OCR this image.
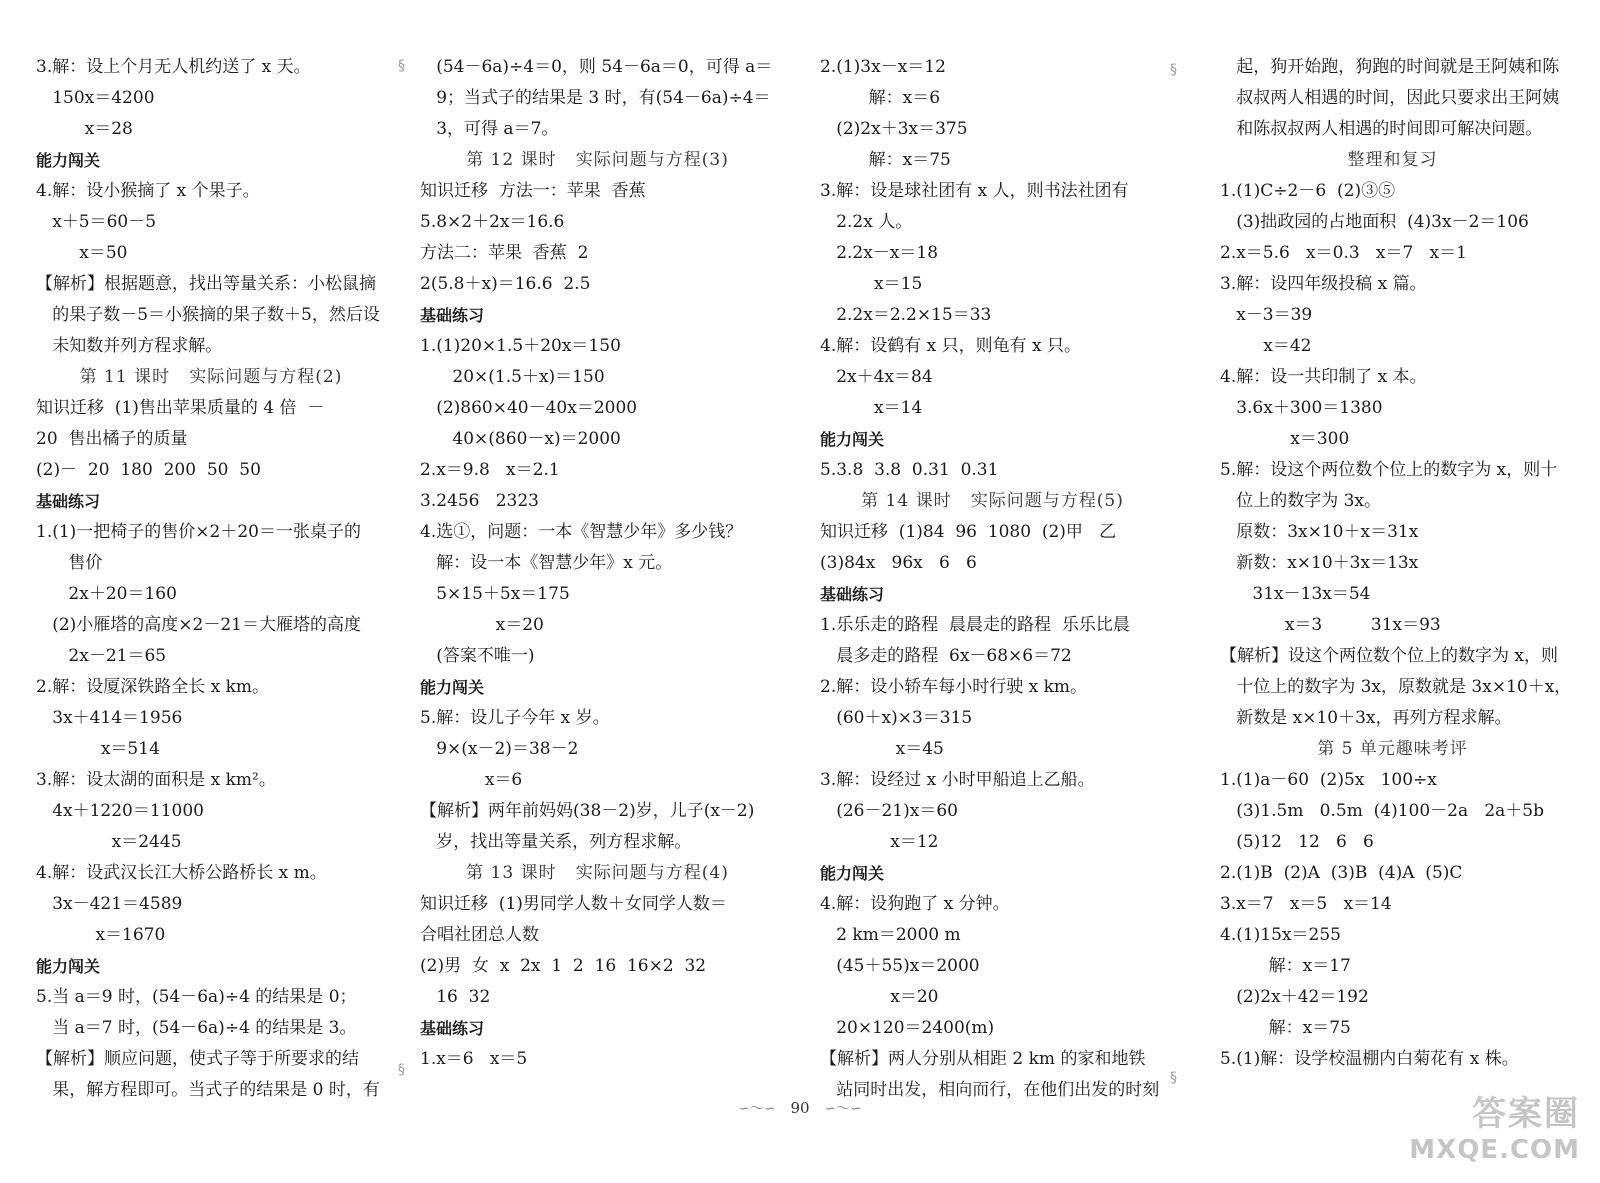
3.解：设上个月无人机约送了 x 天。
150x＝4200
x＝28
能力闯关
4.解：设小猴摘了 x 个果子。
x＋5＝60－5
x＝50
【解析】根据题意，找出等量关系：小松鼠摘
的果子数－5＝小猴摘的果子数＋5，然后设
未知数并列方程求解。
第 11 课时   实际问题与方程(2)
知识迁移  (1)售出苹果质量的 4 倍  －
20  售出橘子的质量
(2)－  20  180  200  50  50
基础练习
1.(1)一把椅子的售价×2＋20＝一张桌子的
售价
2x＋20＝160
(2)小雁塔的高度×2－21＝大雁塔的高度
2x－21＝65
2.解：设厦深铁路全长 x km。
3x＋414＝1956
x＝514
3.解：设太湖的面积是 x km²。
4x＋1220＝11000
x＝2445
4.解：设武汉长江大桥公路桥长 x m。
3x－421＝4589
x＝1670
能力闯关
5.当 a＝9 时，(54－6a)÷4 的结果是 0；
当 a＝7 时，(54－6a)÷4 的结果是 3。
【解析】顺应问题，使式子等于所要求的结
果，解方程即可。当式子的结果是 0 时，有
(54－6a)÷4＝0，则 54－6a＝0，可得 a＝
9；当式子的结果是 3 时，有(54－6a)÷4＝
3，可得 a＝7。
第 12 课时   实际问题与方程(3)
知识迁移  方法一：苹果  香蕉
5.8×2＋2x＝16.6
方法二：苹果  香蕉  2
2(5.8＋x)＝16.6  2.5
基础练习
1.(1)20×1.5＋20x＝150
20×(1.5＋x)＝150
(2)860×40－40x＝2000
40×(860－x)＝2000
2.x＝9.8   x＝2.1
3.2456   2323
4.选①，问题：一本《智慧少年》多少钱？
解：设一本《智慧少年》x 元。
5×15＋5x＝175
x＝20
(答案不唯一)
能力闯关
5.解：设儿子今年 x 岁。
9×(x－2)＝38－2
x＝6
【解析】两年前妈妈(38－2)岁，儿子(x－2)
岁，找出等量关系，列方程求解。
第 13 课时   实际问题与方程(4)
知识迁移  (1)男同学人数＋女同学人数＝
合唱社团总人数
(2)男  女  x  2x  1  2  16  16×2  32
16  32
基础练习
1.x＝6   x＝5
2.(1)3x－x＝12
解：x＝6
(2)2x＋3x＝375
解：x＝75
3.解：设是球社团有 x 人，则书法社团有
2.2x 人。
2.2x－x＝18
x＝15
2.2x＝2.2×15＝33
4.解：设鹤有 x 只，则龟有 x 只。
2x＋4x＝84
x＝14
能力闯关
5.3.8  3.8  0.31  0.31
第 14 课时   实际问题与方程(5)
知识迁移  (1)84  96  1080  (2)甲   乙
(3)84x   96x   6   6
基础练习
1.乐乐走的路程  晨晨走的路程  乐乐比晨
晨多走的路程  6x－68×6＝72
2.解：设小轿车每小时行驶 x km。
(60＋x)×3＝315
x＝45
3.解：设经过 x 小时甲船追上乙船。
(26－21)x＝60
x＝12
能力闯关
4.解：设狗跑了 x 分钟。
2 km＝2000 m
(45＋55)x＝2000
x＝20
20×120＝2400(m)
【解析】两人分别从相距 2 km 的家和地铁
站同时出发，相向而行，在他们出发的时刻
起，狗开始跑，狗跑的时间就是王阿姨和陈
叔叔两人相遇的时间，因此只要求出王阿姨
和陈叔叔两人相遇的时间即可解决问题。
整理和复习
1.(1)C÷2－6  (2)③⑤
(3)拙政园的占地面积  (4)3x－2＝106
2.x＝5.6   x＝0.3   x＝7   x＝1
3.解：设四年级投稿 x 篇。
x－3＝39
x＝42
4.解：设一共印制了 x 本。
3.6x＋300＝1380
x＝300
5.解：设这个两位数个位上的数字为 x，则十
位上的数字为 3x。
原数：3x×10＋x＝31x
新数：x×10＋3x＝13x
31x－13x＝54
x＝3         31x＝93
【解析】设这个两位数个位上的数字为 x，则
十位上的数字为 3x，原数就是 3x×10＋x，
新数是 x×10＋3x，再列方程求解。
第 5 单元趣味考评
1.(1)a－60  (2)5x   100÷x
(3)1.5m   0.5m  (4)100－2a   2a＋5b
(5)12   12   6   6
2.(1)B  (2)A  (3)B  (4)A  (5)C
3.x＝7   x＝5   x＝14
4.(1)15x＝255
解：x＝17
(2)2x＋42＝192
解：x＝75
5.(1)解：设学校温棚内白菊花有 x 株。
§
§
§
§
∽〜∽ 90 ∽〜∽	答案圈
MXQE.COM
